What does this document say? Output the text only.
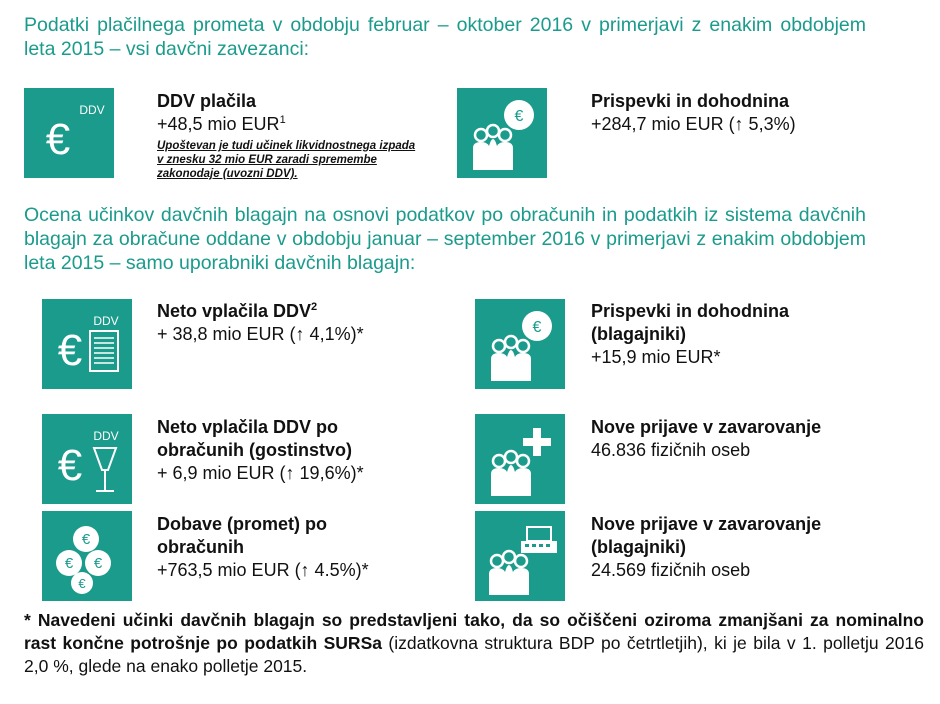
Podatki plačilnega prometa v obdobju februar – oktober 2016 v primerjavi z enakim obdobjem leta 2015 – vsi davčni zavezanci:

DDV
€
DDV plačila
+48,5 mio EUR$^1$
Upoštevan je tudi učinek likvidnostnega izpada v znesku 32 mio EUR zaradi spremembe zakonodaje (uvozni DDV).
€
Prispevki in dohodnina
+284,7 mio EUR (↑ 5,3%)

Ocena učinkov davčnih blagajn na osnovi podatkov po obračunih in podatkih iz sistema davčnih blagajn za obračune oddane v obdobju januar – september 2016 v primerjavi z enakim obdobjem leta 2015 – samo uporabniki davčnih blagajn:

DDV
€
Neto vplačila $DDV^2$
+ 38,8 mio EUR (↑ 4,1%)*	€
Prispevki in dohodnina
(blagajniki)
+15,9 mio EUR*
DDV
€
Neto vplačila DDV po
obračunih (gostinstvo)
+ 6,9 mio EUR (↑ 19,6%)*
Nove prijave v zavarovanje
46.836 fizičnih oseb
€
€ €
€
Dobave (promet) po
obračunih
+763,5 mio EUR (↑ 4.5%)*
Nove prijave v zavarovanje
(blagajniki)
24.569 fizičnih oseb

* Navedeni učinki davčnih blagajn so predstavljeni tako, da so očiščeni oziroma zmanjšani za nominalno rast končne potrošnje po podatkih SURSa (izdatkovna struktura BDP po četrtletjih), ki je bila v 1. polletju 2016 2,0 %, glede na enako polletje 2015.
